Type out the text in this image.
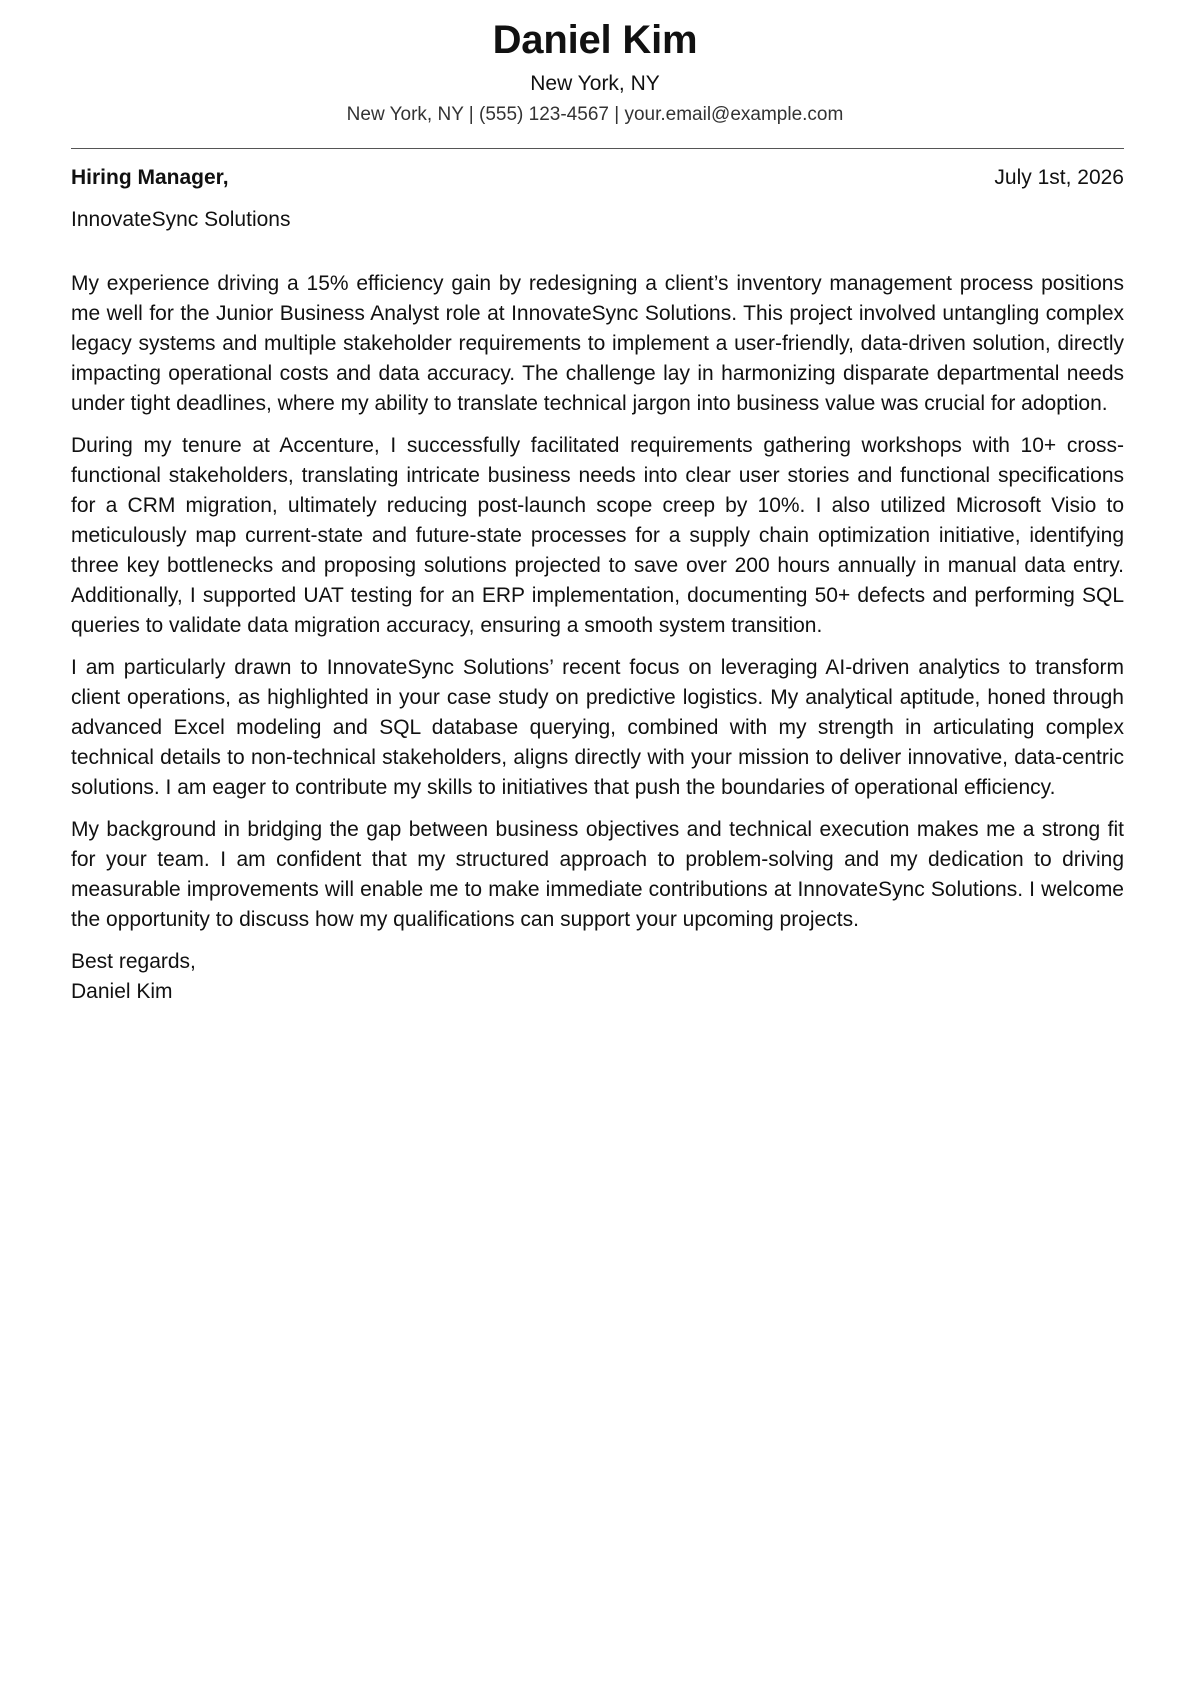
Daniel Kim
New York, NY
New York, NY | (555) 123-4567 | your.email@example.com
Hiring Manager,	July 1st, 2026
InnovateSync Solutions

My experience driving a 15% efficiency gain by redesigning a client’s inventory management process positions me well for the Junior Business Analyst role at InnovateSync Solutions. This project involved untangling complex legacy systems and multiple stakeholder requirements to implement a user-friendly, data-driven solution, directly impacting operational costs and data accuracy. The challenge lay in harmonizing disparate departmental needs under tight deadlines, where my ability to translate technical jargon into business value was crucial for adoption.

During my tenure at Accenture, I successfully facilitated requirements gathering workshops with 10+ cross-functional stakeholders, translating intricate business needs into clear user stories and functional specifications for a CRM migration, ultimately reducing post-launch scope creep by 10%. I also utilized Microsoft Visio to meticulously map current-state and future-state processes for a supply chain optimization initiative, identifying three key bottlenecks and proposing solutions projected to save over 200 hours annually in manual data entry. Additionally, I supported UAT testing for an ERP implementation, documenting 50+ defects and performing SQL queries to validate data migration accuracy, ensuring a smooth system transition.

I am particularly drawn to InnovateSync Solutions’ recent focus on leveraging AI-driven analytics to transform client operations, as highlighted in your case study on predictive logistics. My analytical aptitude, honed through advanced Excel modeling and SQL database querying, combined with my strength in articulating complex technical details to non-technical stakeholders, aligns directly with your mission to deliver innovative, data-centric solutions. I am eager to contribute my skills to initiatives that push the boundaries of operational efficiency.

My background in bridging the gap between business objectives and technical execution makes me a strong fit for your team. I am confident that my structured approach to problem-solving and my dedication to driving measurable improvements will enable me to make immediate contributions at InnovateSync Solutions. I welcome the opportunity to discuss how my qualifications can support your upcoming projects.

Best regards,
Daniel Kim
